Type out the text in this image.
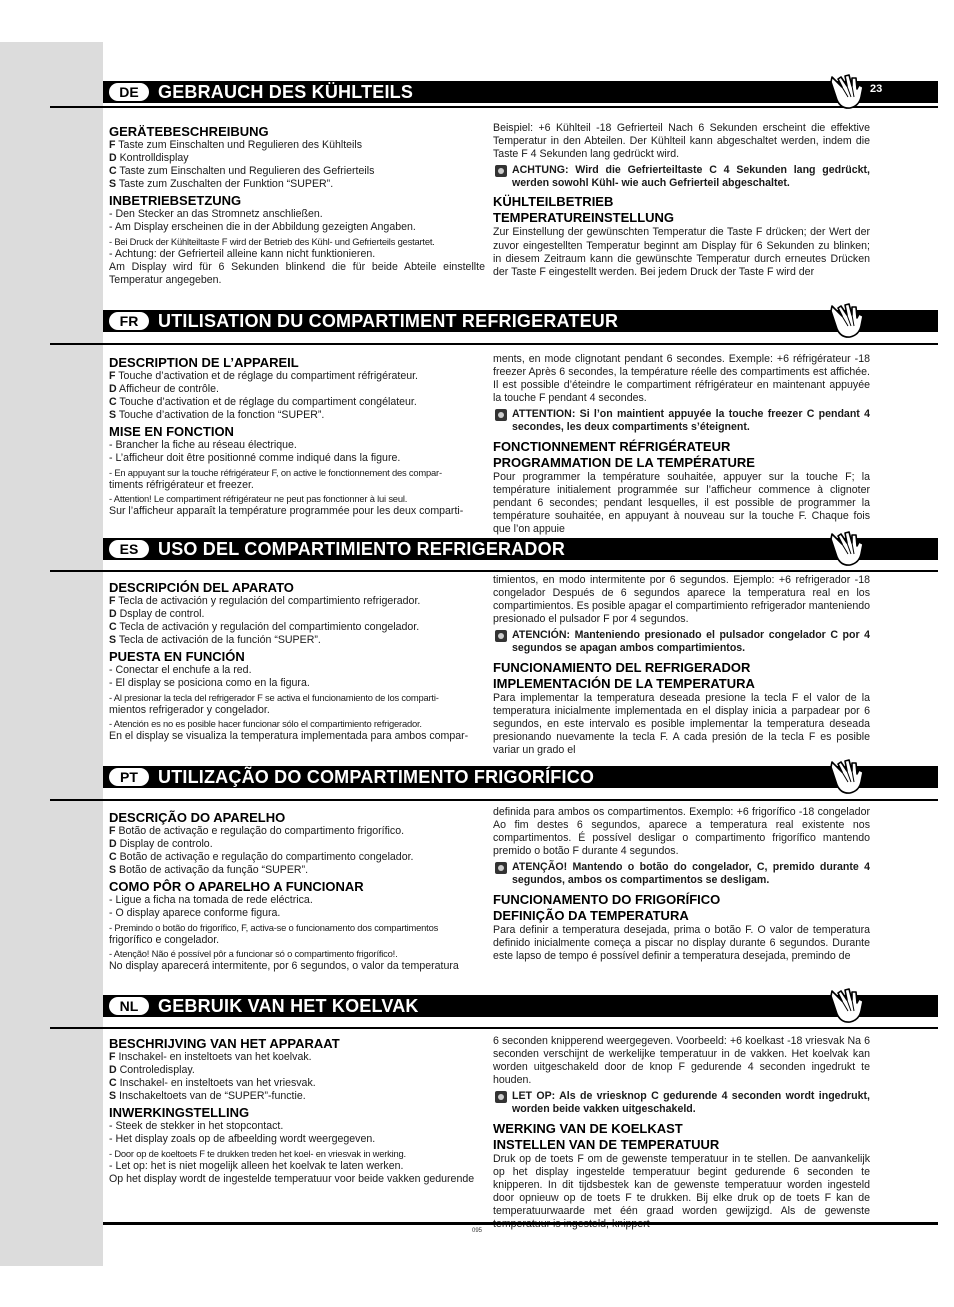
DE	GEBRAUCH DES KÜHLTEILS
GERÄTEBESCHREIBUNG
F Taste zum Einschalten und Regulieren des Kühlteils
D Kontrolldisplay
C Taste zum Einschalten und Regulieren des Gefrierteils
S Taste zum Zuschalten der Funktion “SUPER”.
INBETRIEBSETZUNG
- Den Stecker an das Stromnetz anschließen.
- Am Display erscheinen die in der Abbildung gezeigten Angaben.
- Bei Druck der Kühlteiltaste F wird der Betrieb des Kühl- und Gefrierteils gestartet.
- Achtung: der Gefrierteil alleine kann nicht funktionieren.
Am Display wird für 6 Sekunden blinkend die für beide Abteile einstellte Temperatur angegeben.
Beispiel: +6 Kühlteil -18 Gefrierteil Nach 6 Sekunden erscheint die effektive Temperatur in den Abteilen. Der Kühlteil kann abgeschaltet werden, indem die Taste F 4 Sekunden lang gedrückt wird.
ACHTUNG: Wird die Gefrierteiltaste C 4 Sekunden lang gedrückt, werden sowohl Kühl- wie auch Gefrierteil abgeschaltet.
KÜHLTEILBETRIEB
TEMPERATUREINSTELLUNG
Zur Einstellung der gewünschten Temperatur die Taste F drücken; der Wert der zuvor eingestellten Temperatur beginnt am Display für 6 Sekunden zu blinken; in diesem Zeitraum kann die gewünschte Temperatur durch erneutes Drücken der Taste F eingestellt werden. Bei jedem Druck der Taste F wird der
FR	UTILISATION DU COMPARTIMENT REFRIGERATEUR
DESCRIPTION DE L’APPAREIL
F Touche d’activation et de réglage du compartiment réfrigérateur.
D Afficheur de contrôle.
C Touche d’activation et de réglage du compartiment congélateur.
S Touche d’activation de la fonction “SUPER”.
MISE EN FONCTION
- Brancher la fiche au réseau électrique.
- L’afficheur doit être positionné comme indiqué dans la figure.
- En appuyant sur la touche réfrigérateur F, on active le fonctionnement des compar-
timents réfrigérateur et freezer.
- Attention! Le compartiment réfrigérateur ne peut pas fonctionner à lui seul.
Sur l’afficheur apparaît la température programmée pour les deux comparti-
ments, en mode clignotant pendant 6 secondes. Exemple: +6 réfrigérateur -18 freezer Après 6 secondes, la température réelle des compartiments est affichée. Il est possible d’éteindre le compartiment réfrigérateur en maintenant appuyée la touche F pendant 4 secondes.
ATTENTION: Si l’on maintient appuyée la touche freezer C pendant 4 secondes, les deux compartiments s’éteignent.
FONCTIONNEMENT RÉFRIGÉRATEUR
PROGRAMMATION DE LA TEMPÉRATURE
Pour programmer la température souhaitée, appuyer sur la touche F; la température initialement programmée sur l’afficheur commence à clignoter pendant 6 secondes; pendant lesquelles, il est possible de programmer la température souhaitée, en appuyant à nouveau sur la touche F. Chaque fois que l’on appuie
ES	USO DEL COMPARTIMIENTO REFRIGERADOR
DESCRIPCIÓN DEL APARATO
F Tecla de activación y regulación del compartimiento refrigerador.
D Dsplay de control.
C Tecla de activación y regulación del compartimiento congelador.
S Tecla de activación de la función “SUPER”.
PUESTA EN FUNCIÓN
- Conectar el enchufe a la red.
- El display se posiciona como en la figura.
- Al presionar la tecla del refrigerador F se activa el funcionamiento de los comparti-
mientos refrigerador y congelador.
- Atención es no es posible hacer funcionar sólo el compartimiento refrigerador.
En el display se visualiza la temperatura implementada para ambos compar-
timientos, en modo intermitente por 6 segundos. Ejemplo: +6 refrigerador -18 congelador Después de 6 segundos aparece la temperatura real en los compartimientos. Es posible apagar el compartimiento refrigerador manteniendo presionado el pulsador F por 4 segundos.
ATENCIÓN: Manteniendo presionado el pulsador congelador C por 4 segundos se apagan ambos compartimientos.
FUNCIONAMIENTO DEL REFRIGERADOR
IMPLEMENTACIÓN DE LA TEMPERATURA
Para implementar la temperatura deseada presione la tecla F el valor de la temperatura inicialmente implementada en el display inicia a parpadear por 6 segundos, en este intervalo es posible implementar la temperatura deseada presionando nuevamente la tecla F. A cada presión de la tecla F es posible variar un grado el
PT	UTILIZAÇÃO DO COMPARTIMENTO FRIGORÍFICO
DESCRIÇÃO DO APARELHO
F Botão de activação e regulação do compartimento frigorífico.
D Display de controlo.
C Botão de activação e regulação do compartimento congelador.
S Botão de activação da função “SUPER”.
COMO PÔR O APARELHO A FUNCIONAR
- Ligue a ficha na tomada de rede eléctrica.
- O display aparece conforme figura.
- Premindo o botão do frigorífico, F, activa-se o funcionamento dos compartimentos
frigorífico e congelador.
- Atenção! Não é possível pôr a funcionar só o compartimento frigorífico!.
No display aparecerá intermitente, por 6 segundos, o valor da temperatura
definida para ambos os compartimentos. Exemplo: +6 frigorífico -18 congelador Ao fim destes 6 segundos, aparece a temperatura real existente nos compartimentos. É possível desligar o compartimento frigorífico mantendo premido o botão F durante 4 segundos.
ATENÇÃO! Mantendo o botão do congelador, C, premido durante 4 segundos, ambos os compartimentos se desligam.
FUNCIONAMENTO DO FRIGORÍFICO
DEFINIÇÃO DA TEMPERATURA
Para definir a temperatura desejada, prima o botão F. O valor de temperatura definido inicialmente começa a piscar no display durante 6 segundos. Durante este lapso de tempo é possível definir a temperatura desejada, premindo de
NL	GEBRUIK VAN HET KOELVAK
BESCHRIJVING VAN HET APPARAAT
F Inschakel- en insteltoets van het koelvak.
D Controledisplay.
C Inschakel- en insteltoets van het vriesvak.
S Inschakeltoets van de “SUPER”-functie.
INWERKINGSTELLING
- Steek de stekker in het stopcontact.
- Het display zoals op de afbeelding wordt weergegeven.
- Door op de koeltoets F te drukken treden het koel- en vriesvak in werking.
- Let op: het is niet mogelijk alleen het koelvak te laten werken.
Op het display wordt de ingestelde temperatuur voor beide vakken gedurende
6 seconden knipperend weergegeven. Voorbeeld: +6 koelkast -18 vriesvak Na 6 seconden verschijnt de werkelijke temperatuur in de vakken. Het koelvak kan worden uitgeschakeld door de knop F gedurende 4 seconden ingedrukt te houden.
LET OP: Als de vriesknop C gedurende 4 seconden wordt ingedrukt, worden beide vakken uitgeschakeld.
WERKING VAN DE KOELKAST
INSTELLEN VAN DE TEMPERATUUR
Druk op de toets F om de gewenste temperatuur in te stellen. De aanvankelijk op het display ingestelde temperatuur begint gedurende 6 seconden te knipperen. In dit tijdsbestek kan de gewenste temperatuur worden ingesteld door opnieuw op de toets F te drukken. Bij elke druk op de toets F kan de temperatuurwaarde met één graad worden gewijzigd. Als de gewenste
095
23
